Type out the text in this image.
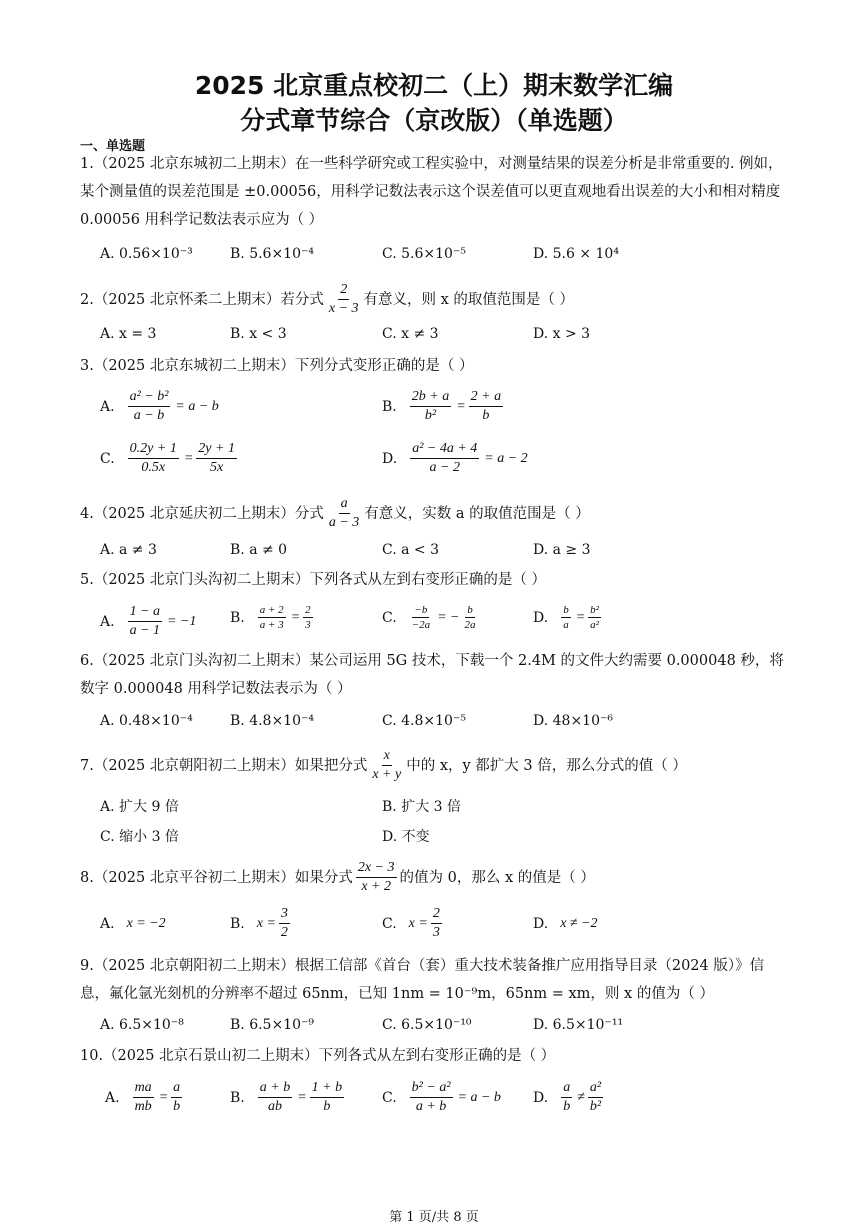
2025 北京重点校初二（上）期末数学汇编
分式章节综合（京改版）（单选题）
一、单选题
1.（2025 北京东城初二上期末）在一些科学研究或工程实验中，对测量结果的误差分析是非常重要的. 例如，某个测量值的误差范围是 ±0.00056，用科学记数法表示这个误差值可以更直观地看出误差的大小和相对精度 0.00056 用科学记数法表示应为（ ）
A. 0.56×10⁻³	B. 5.6×10⁻⁴	C. 5.6×10⁻⁵	D. 5.6 × 10⁴
2.（2025 北京怀柔二上期末）若分式 $\frac{2}{x - 3}$ 有意义，则 x 的取值范围是（ ）
A. x = 3	B. x < 3	C. x ≠ 3	D. x > 3
3.（2025 北京东城初二上期末）下列分式变形正确的是（ ）
A. $\frac{\text{a² − b²}}{a - b} = a - b$	B. $\frac{2b + a}{\text{b²}} = \frac{2 + a}{b}$
C. $\frac{0.2y + 1}{0.5x} = \frac{2y + 1}{5x}$	D. $\frac{\text{a² − 4a + 4}}{a - 2} = a - 2$
4.（2025 北京延庆初二上期末）分式 $\frac{a}{a - 3}$ 有意义，实数 a 的取值范围是（ ）
A. a ≠ 3	B. a ≠ 0	C. a < 3	D. a ≥ 3
5.（2025 北京门头沟初二上期末）下列各式从左到右变形正确的是（ ）
A. $\frac{1 - a}{a - 1} = -1$ B. $\frac{a + 2}{a + 3} = \frac{2}{3}$	C. $\frac{-b}{-2a}$ = − $\frac{b}{2a}$	D. $\frac{b}{a} = \frac{\text{b²}}{\text{a²}}$
6.（2025 北京门头沟初二上期末）某公司运用 5G 技术，下载一个 2.4M 的文件大约需要 0.000048 秒，将数字 0.000048 用科学记数法表示为（ ）
A. 0.48×10⁻⁴	B. 4.8×10⁻⁴	C. 4.8×10⁻⁵	D. 48×10⁻⁶
7.（2025 北京朝阳初二上期末）如果把分式 $\frac{x}{x + y}$ 中的 x，y 都扩大 3 倍，那么分式的值（ ）
A. 扩大 9 倍	B. 扩大 3 倍
C. 缩小 3 倍	D. 不变
8.（2025 北京平谷初二上期末）如果分式 $\frac{2x - 3}{x + 2}$ 的值为 0，那么 x 的值是（ ）
A. x = −2	B. $x = \frac{3}{2}$	C. $x = \frac{2}{3}$	D. x ≠ −2
9.（2025 北京朝阳初二上期末）根据工信部《首台（套）重大技术装备推广应用指导目录（2024 版）》信息，氟化氩光刻机的分辨率不超过 65nm，已知 1nm = 10⁻⁹m，65nm = xm，则 x 的值为（ ）
A. 6.5×10⁻⁸	B. 6.5×10⁻⁹	C. 6.5×10⁻¹⁰	D. 6.5×10⁻¹¹
10.（2025 北京石景山初二上期末）下列各式从左到右变形正确的是（ ）
A. $\frac{ma}{mb} = \frac{a}{b}$	B. $\frac{a + b}{ab} = \frac{1 + b}{b}$	C. $\frac{\text{b² − a²}}{a + b} = a - b$ D. $\frac{a}{b} \ne \frac{\text{a²}}{\text{b²}}$
第 1 页/共 8 页
